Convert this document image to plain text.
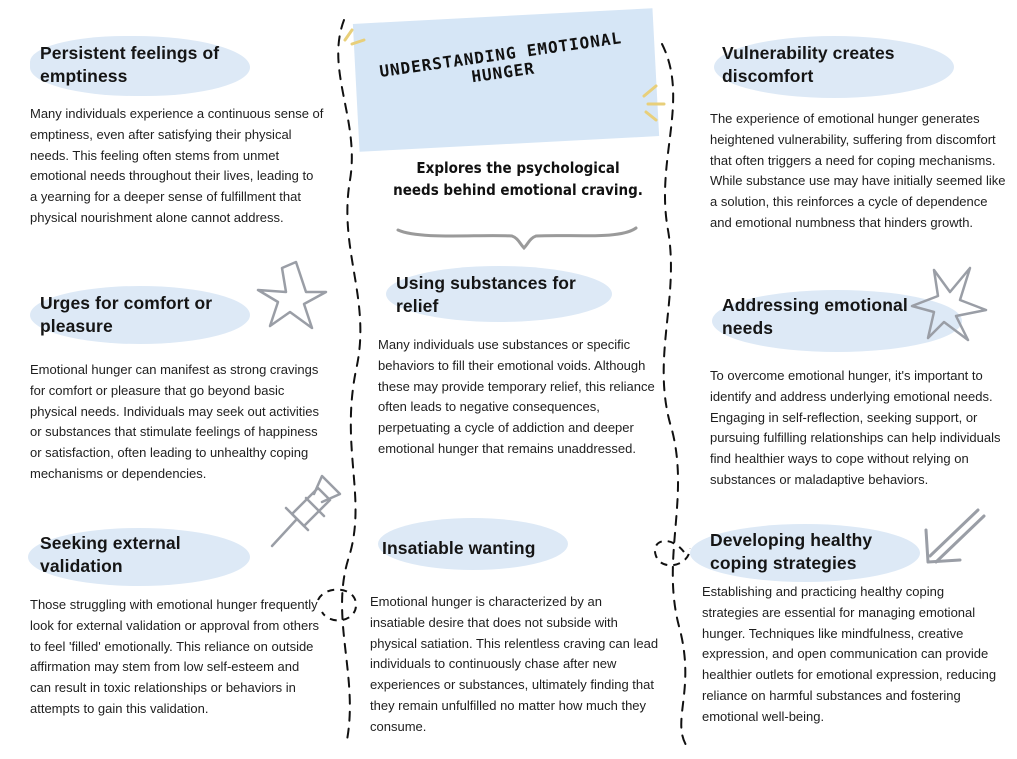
UNDERSTANDING EMOTIONAL HUNGER
Explores the psychological needs behind emotional craving.
Persistent feelings of emptiness

Many individuals experience a continuous sense of emptiness, even after satisfying their physical needs. This feeling often stems from unmet emotional needs throughout their lives, leading to a yearning for a deeper sense of fulfillment that physical nourishment alone cannot address.

Urges for comfort or pleasure

Emotional hunger can manifest as strong cravings for comfort or pleasure that go beyond basic physical needs. Individuals may seek out activities or substances that stimulate feelings of happiness or satisfaction, often leading to unhealthy coping mechanisms or dependencies.

Seeking external validation

Those struggling with emotional hunger frequently look for external validation or approval from others to feel 'filled' emotionally. This reliance on outside affirmation may stem from low self-esteem and can result in toxic relationships or behaviors in attempts to gain this validation.

Using substances for relief

Many individuals use substances or specific behaviors to fill their emotional voids. Although these may provide temporary relief, this reliance often leads to negative consequences, perpetuating a cycle of addiction and deeper emotional hunger that remains unaddressed.

Insatiable wanting

Emotional hunger is characterized by an insatiable desire that does not subside with physical satiation. This relentless craving can lead individuals to continuously chase after new experiences or substances, ultimately finding that they remain unfulfilled no matter how much they consume.

Vulnerability creates discomfort

The experience of emotional hunger generates heightened vulnerability, suffering from discomfort that often triggers a need for coping mechanisms. While substance use may have initially seemed like a solution, this reinforces a cycle of dependence and emotional numbness that hinders growth.

Addressing emotional needs

To overcome emotional hunger, it's important to identify and address underlying emotional needs. Engaging in self-reflection, seeking support, or pursuing fulfilling relationships can help individuals find healthier ways to cope without relying on substances or maladaptive behaviors.

Developing healthy coping strategies

Establishing and practicing healthy coping strategies are essential for managing emotional hunger. Techniques like mindfulness, creative expression, and open communication can provide healthier outlets for emotional expression, reducing reliance on harmful substances and fostering emotional well-being.
